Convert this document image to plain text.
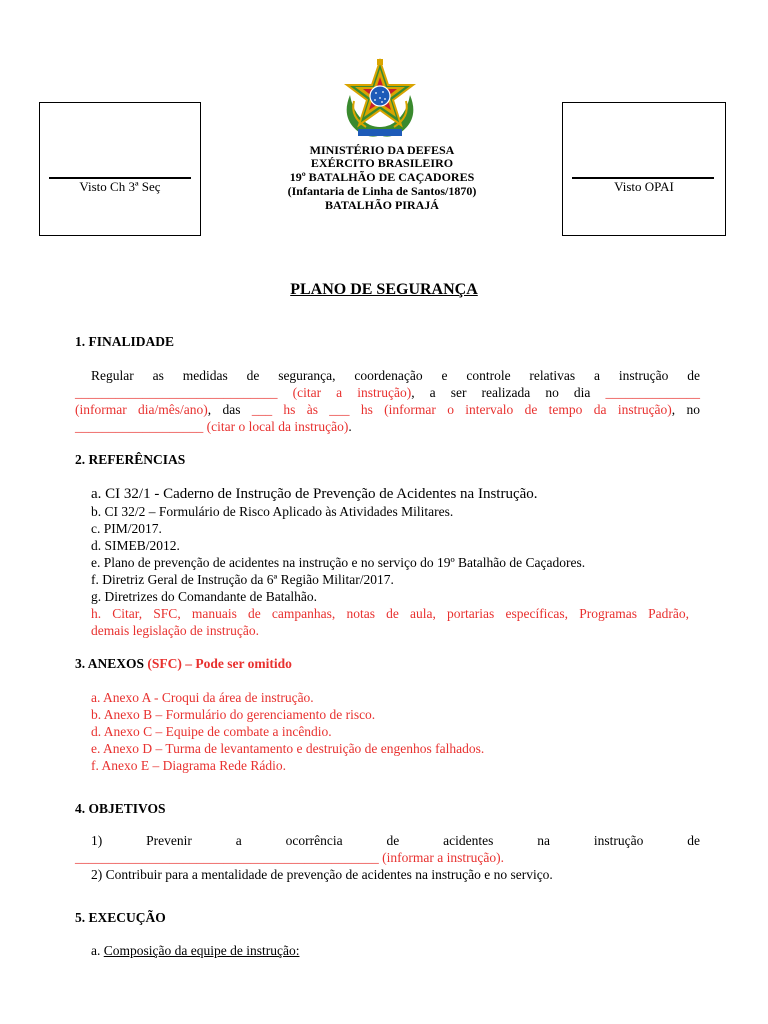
Visto Ch 3ª Seç	Visto OPAI
MINISTÉRIO DA DEFESA
EXÉRCITO BRASILEIRO
19º BATALHÃO DE CAÇADORES
(Infantaria de Linha de Santos/1870)
BATALHÃO PIRAJÁ
PLANO DE SEGURANÇA
1. FINALIDADE
Regular as medidas de segurança, coordenação e controle relativas a instrução de
______________________________ (citar a instrução), a ser realizada no dia ______________
(informar dia/mês/ano), das ___ hs às ___ hs (informar o intervalo de tempo da instrução), no
___________________ (citar o local da instrução).
2. REFERÊNCIAS
a. CI 32/1 - Caderno de Instrução de Prevenção de Acidentes na Instrução.
b. CI 32/2 – Formulário de Risco Aplicado às Atividades Militares.
c. PIM/2017.
d. SIMEB/2012.
e. Plano de prevenção de acidentes na instrução e no serviço do 19º Batalhão de Caçadores.
f. Diretriz Geral de Instrução da 6ª Região Militar/2017.
g. Diretrizes do Comandante de Batalhão.
h. Citar, SFC, manuais de campanhas, notas de aula, portarias específicas, Programas Padrão,
demais legislação de instrução.
3. ANEXOS (SFC) – Pode ser omitido
a. Anexo A - Croqui da área de instrução.
b. Anexo B – Formulário do gerenciamento de risco.
d. Anexo C – Equipe de combate a incêndio.
e. Anexo D – Turma de levantamento e destruição de engenhos falhados.
f. Anexo E – Diagrama Rede Rádio.
4. OBJETIVOS
1) Prevenir a ocorrência de acidentes na instrução de
_____________________________________________ (informar a instrução).
2) Contribuir para a mentalidade de prevenção de acidentes na instrução e no serviço.
5. EXECUÇÃO
a. Composição da equipe de instrução:
